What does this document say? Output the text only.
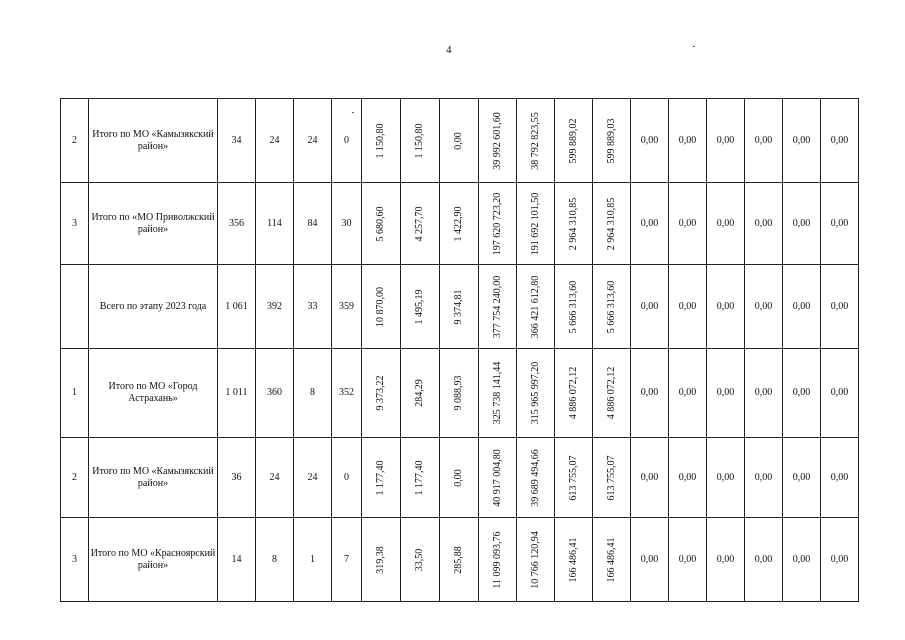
4
2	Итого по МО «Камызякский район»	34	24	24	0	1 150,80	1 150,80	0,00	39 992 601,60	38 792 823,55	599 889,02	599 889,03	0,00	0,00	0,00	0,00	0,00	0,00
3	Итого по «МО Приволжский район»	356	114	84	30	5 680,60	4 257,70	1 422,90	197 620 723,20	191 692 101,50	2 964 310,85	2 964 310,85	0,00	0,00	0,00	0,00	0,00	0,00
	Всего по этапу 2023 года	1 061	392	33	359	10 870,00	1 495,19	9 374,81	377 754 240,00	366 421 612,80	5 666 313,60	5 666 313,60	0,00	0,00	0,00	0,00	0,00	0,00
1	Итого по МО «Город Астрахань»	1 011	360	8	352	9 373,22	284,29	9 088,93	325 738 141,44	315 965 997,20	4 886 072,12	4 886 072,12	0,00	0,00	0,00	0,00	0,00	0,00
2	Итого по МО «Камызякский район»	36	24	24	0	1 177,40	1 177,40	0,00	40 917 004,80	39 689 494,66	613 755,07	613 755,07	0,00	0,00	0,00	0,00	0,00	0,00
3	Итого по МО «Красноярский район»	14	8	1	7	319,38	33,50	285,88	11 099 093,76	10 766 120,94	166 486,41	166 486,41	0,00	0,00	0,00	0,00	0,00	0,00
